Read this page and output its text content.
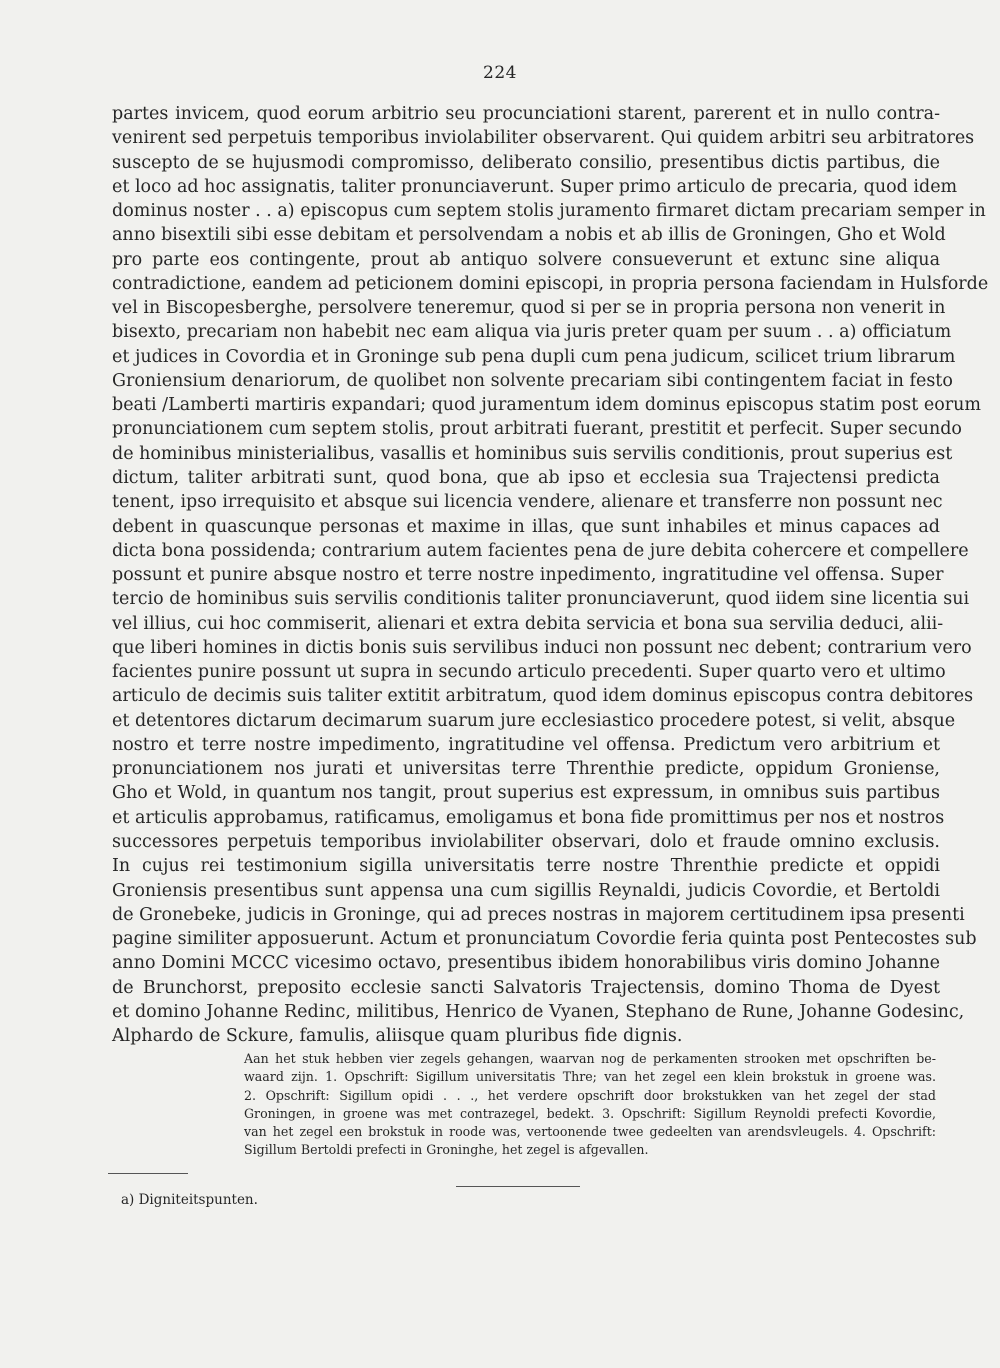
224
partes invicem, quod eorum arbitrio seu procunciationi starent, parerent et in nullo contra-
venirent sed perpetuis temporibus inviolabiliter observarent. Qui quidem arbitri seu arbitratores
suscepto de se hujusmodi compromisso, deliberato consilio, presentibus dictis partibus, die
et loco ad hoc assignatis, taliter pronunciaverunt. Super primo articulo de precaria, quod idem
dominus noster . . a) episcopus cum septem stolis juramento firmaret dictam precariam semper in
anno bisextili sibi esse debitam et persolvendam a nobis et ab illis de Groningen, Gho et Wold
pro parte eos contingente, prout ab antiquo solvere consueverunt et extunc sine aliqua
contradictione, eandem ad peticionem domini episcopi, in propria persona faciendam in Hulsforde
vel in Biscopesberghe, persolvere teneremur, quod si per se in propria persona non venerit in
bisexto, precariam non habebit nec eam aliqua via juris preter quam per suum . . a) officiatum
et judices in Covordia et in Groninge sub pena dupli cum pena judicum, scilicet trium librarum
Groniensium denariorum, de quolibet non solvente precariam sibi contingentem faciat in festo
beati /Lamberti martiris expandari; quod juramentum idem dominus episcopus statim post eorum
pronunciationem cum septem stolis, prout arbitrati fuerant, prestitit et perfecit. Super secundo
de hominibus ministerialibus, vasallis et hominibus suis servilis conditionis, prout superius est
dictum, taliter arbitrati sunt, quod bona, que ab ipso et ecclesia sua Trajectensi predicta
tenent, ipso irrequisito et absque sui licencia vendere, alienare et transferre non possunt nec
debent in quascunque personas et maxime in illas, que sunt inhabiles et minus capaces ad
dicta bona possidenda; contrarium autem facientes pena de jure debita cohercere et compellere
possunt et punire absque nostro et terre nostre inpedimento, ingratitudine vel offensa. Super
tercio de hominibus suis servilis conditionis taliter pronunciaverunt, quod iidem sine licentia sui
vel illius, cui hoc commiserit, alienari et extra debita servicia et bona sua servilia deduci, alii-
que liberi homines in dictis bonis suis servilibus induci non possunt nec debent; contrarium vero
facientes punire possunt ut supra in secundo articulo precedenti. Super quarto vero et ultimo
articulo de decimis suis taliter extitit arbitratum, quod idem dominus episcopus contra debitores
et detentores dictarum decimarum suarum jure ecclesiastico procedere potest, si velit, absque
nostro et terre nostre impedimento, ingratitudine vel offensa. Predictum vero arbitrium et
pronunciationem nos jurati et universitas terre Threnthie predicte, oppidum Groniense,
Gho et Wold, in quantum nos tangit, prout superius est expressum, in omnibus suis partibus
et articulis approbamus, ratificamus, emoligamus et bona fide promittimus per nos et nostros
successores perpetuis temporibus inviolabiliter observari, dolo et fraude omnino exclusis.
In cujus rei testimonium sigilla universitatis terre nostre Threnthie predicte et oppidi
Groniensis presentibus sunt appensa una cum sigillis Reynaldi, judicis Covordie, et Bertoldi
de Gronebeke, judicis in Groninge, qui ad preces nostras in majorem certitudinem ipsa presenti
pagine similiter apposuerunt. Actum et pronunciatum Covordie feria quinta post Pentecostes sub
anno Domini MCCC vicesimo octavo, presentibus ibidem honorabilibus viris domino Johanne
de Brunchorst, preposito ecclesie sancti Salvatoris Trajectensis, domino Thoma de Dyest
et domino Johanne Redinc, militibus, Henrico de Vyanen, Stephano de Rune, Johanne Godesinc,
Alphardo de Sckure, famulis, aliisque quam pluribus fide dignis.
Aan het stuk hebben vier zegels gehangen, waarvan nog de perkamenten strooken met opschriften be-
waard zijn. 1. Opschrift: Sigillum universitatis Thre; van het zegel een klein brokstuk in groene was.
2. Opschrift: Sigillum opidi . . ., het verdere opschrift door brokstukken van het zegel der stad
Groningen, in groene was met contrazegel, bedekt. 3. Opschrift: Sigillum Reynoldi prefecti Kovordie,
van het zegel een brokstuk in roode was, vertoonende twee gedeelten van arendsvleugels. 4. Opschrift:
Sigillum Bertoldi prefecti in Groninghe, het zegel is afgevallen.
a) Digniteitspunten.
